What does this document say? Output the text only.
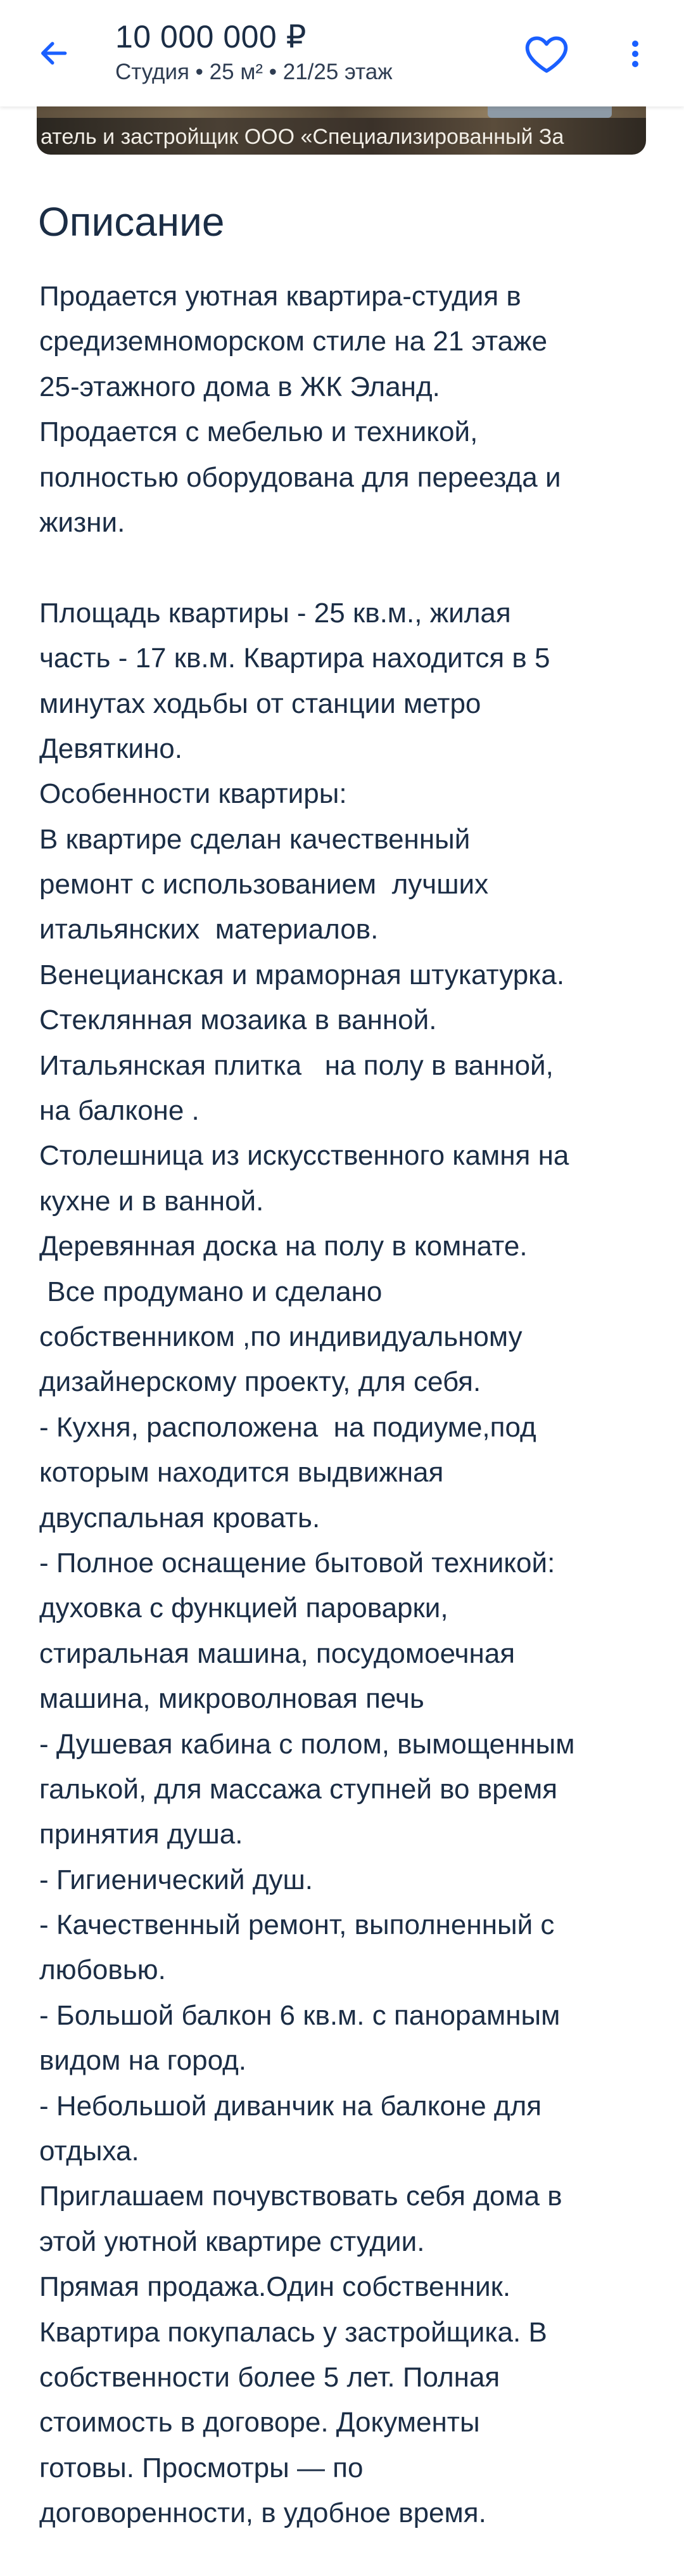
10 000 000 ₽
Студия • 25 м² • 21/25 этаж
атель и застройщик ООО «Специализированный За
Описание
Продается уютная квартира-студия в
средиземноморском стиле на 21 этаже
25-этажного дома в ЖК Эланд.
Продается с мебелью и техникой,
полностью оборудована для переезда и
жизни.
Площадь квартиры - 25 кв.м., жилая
часть - 17 кв.м. Квартира находится в 5
минутах ходьбы от станции метро
Девяткино.
Особенности квартиры:
В квартире сделан качественный
ремонт с использованием  лучших
итальянских  материалов.
Венецианская и мраморная штукатурка.
Стеклянная мозаика в ванной.
Итальянская плитка   на полу в ванной,
на балконе .
Столешница из искусственного камня на
кухне и в ванной.
Деревянная доска на полу в комнате.
Все продумано и сделано
собственником ,по индивидуальному
дизайнерскому проекту, для себя.
- Кухня, расположена  на подиуме,под
которым находится выдвижная
двуспальная кровать.
- Полное оснащение бытовой техникой:
духовка с функцией пароварки,
стиральная машина, посудомоечная
машина, микроволновая печь
- Душевая кабина с полом, вымощенным
галькой, для массажа ступней во время
принятия душа.
- Гигиенический душ.
- Качественный ремонт, выполненный с
любовью.
- Большой балкон 6 кв.м. с панорамным
видом на город.
- Небольшой диванчик на балконе для
отдыха.
Приглашаем почувствовать себя дома в
этой уютной квартире студии.
Прямая продажа.Один собственник.
Квартира покупалась у застройщика. В
собственности более 5 лет. Полная
стоимость в договоре. Документы
готовы. Просмотры — по
договоренности, в удобное время.
